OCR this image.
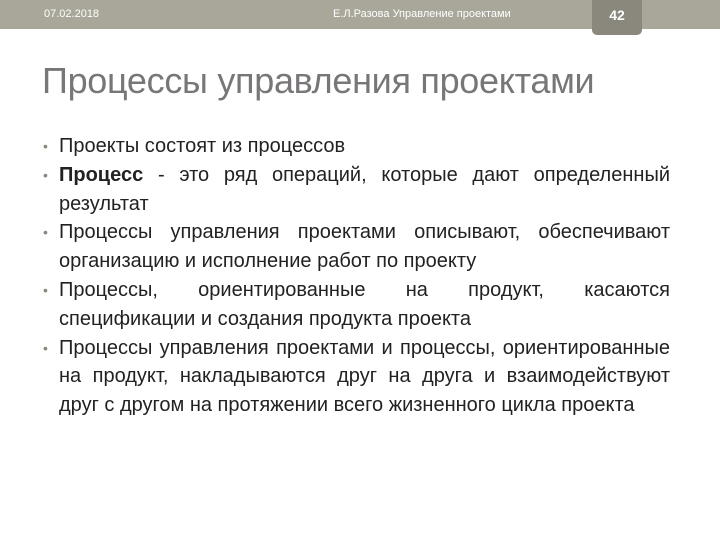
07.02.2018	Е.Л.Разова Управление проектами	42
Процессы управления проектами
• Проекты состоят из процессов
• Процесс - это ряд операций, которые дают определенный результат
• Процессы управления проектами описывают, обеспечивают организацию и исполнение работ по проекту
• Процессы, ориентированные на продукт, касаются спецификации и создания продукта проекта
• Процессы управления проектами и процессы, ориентированные на продукт, накладываются друг на друга и взаимодействуют друг с другом на протяжении всего жизненного цикла проекта
